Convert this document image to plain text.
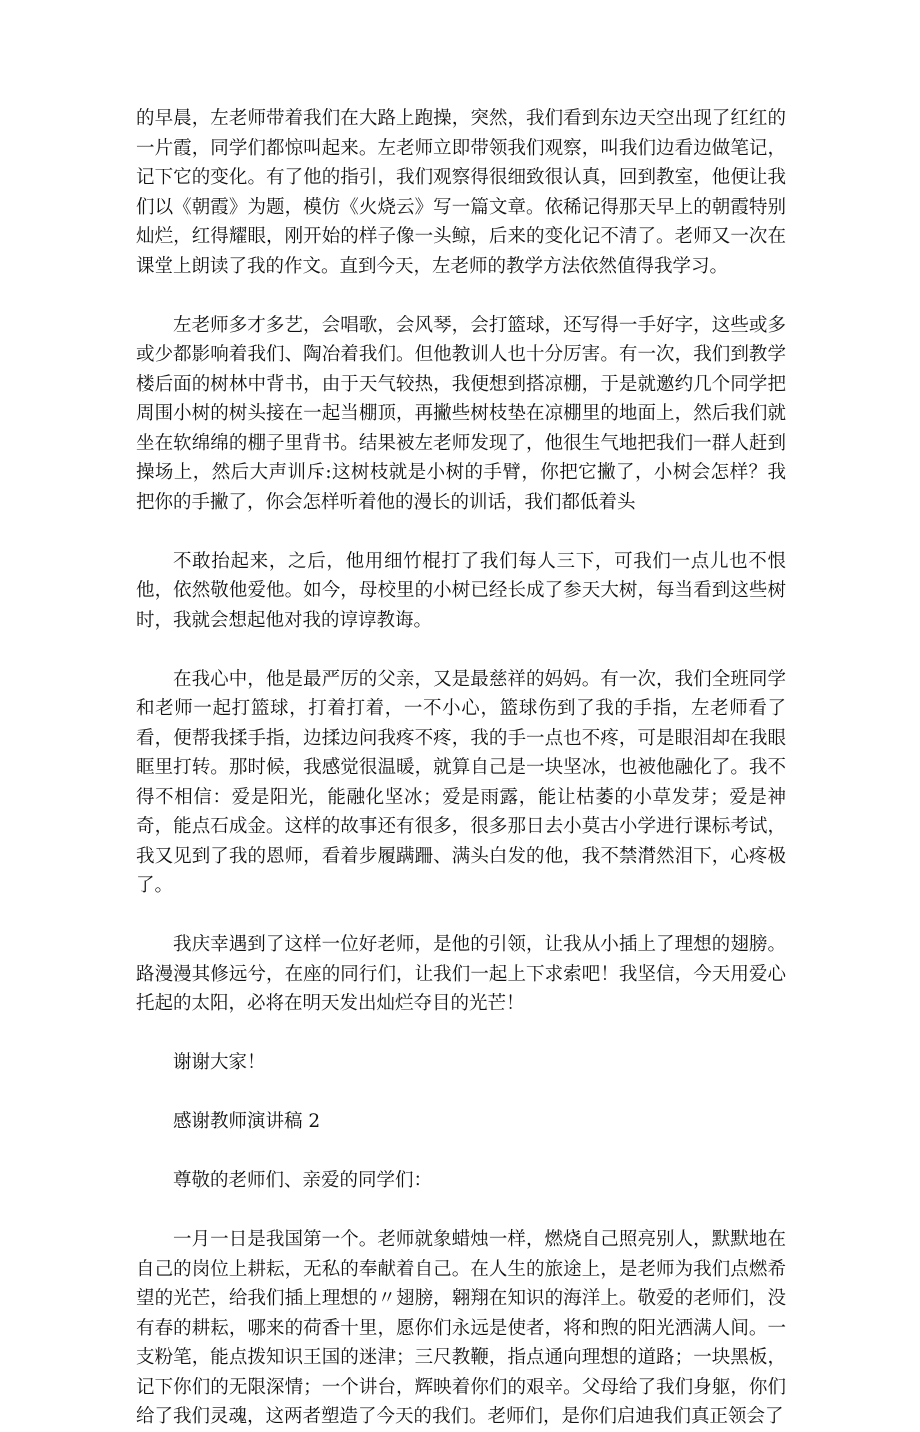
的早晨，左老师带着我们在大路上跑操，突然，我们看到东边天空出现了红红的一片霞，同学们都惊叫起来。左老师立即带领我们观察，叫我们边看边做笔记，记下它的变化。有了他的指引，我们观察得很细致很认真，回到教室，他便让我们以《朝霞》为题，模仿《火烧云》写一篇文章。依稀记得那天早上的朝霞特别灿烂，红得耀眼，刚开始的样子像一头鲸，后来的变化记不清了。老师又一次在课堂上朗读了我的作文。直到今天，左老师的教学方法依然值得我学习。

左老师多才多艺，会唱歌，会风琴，会打篮球，还写得一手好字，这些或多或少都影响着我们、陶冶着我们。但他教训人也十分厉害。有一次，我们到教学楼后面的树林中背书，由于天气较热，我便想到搭凉棚，于是就邀约几个同学把周围小树的树头接在一起当棚顶，再撇些树枝垫在凉棚里的地面上，然后我们就坐在软绵绵的棚子里背书。结果被左老师发现了，他很生气地把我们一群人赶到操场上，然后大声训斥:这树枝就是小树的手臂，你把它撇了，小树会怎样？我把你的手撇了，你会怎样听着他的漫长的训话，我们都低着头

不敢抬起来，之后，他用细竹棍打了我们每人三下，可我们一点儿也不恨他，依然敬他爱他。如今，母校里的小树已经长成了参天大树，每当看到这些树时，我就会想起他对我的谆谆教诲。

在我心中，他是最严厉的父亲，又是最慈祥的妈妈。有一次，我们全班同学和老师一起打篮球，打着打着，一不小心，篮球伤到了我的手指，左老师看了看，便帮我揉手指，边揉边问我疼不疼，我的手一点也不疼，可是眼泪却在我眼眶里打转。那时候，我感觉很温暖，就算自己是一块坚冰，也被他融化了。我不得不相信：爱是阳光，能融化坚冰；爱是雨露，能让枯萎的小草发芽；爱是神奇，能点石成金。这样的故事还有很多，很多那日去小莫古小学进行课标考试，我又见到了我的恩师，看着步履蹒跚、满头白发的他，我不禁潸然泪下，心疼极了。

我庆幸遇到了这样一位好老师，是他的引领，让我从小插上了理想的翅膀。路漫漫其修远兮，在座的同行们，让我们一起上下求索吧！我坚信，今天用爱心托起的太阳，必将在明天发出灿烂夺目的光芒！

谢谢大家！

感谢教师演讲稿 2

尊敬的老师们、亲爱的同学们：

一月一日是我国第一个。老师就象蜡烛一样，燃烧自己照亮别人，默默地在自己的岗位上耕耘，无私的奉献着自己。在人生的旅途上，是老师为我们点燃希望的光芒，给我们插上理想的〃翅膀，翱翔在知识的海洋上。敬爱的老师们，没有春的耕耘，哪来的荷香十里，愿你们永远是使者，将和煦的阳光洒满人间。一支粉笔，能点拨知识王国的迷津；三尺教鞭，指点通向理想的道路；一块黑板，记下你们的无限深情；一个讲台，辉映着你们的艰辛。父母给了我们身躯，你们给了我们灵魂，这两者塑造了今天的我们。老师们，是你们启迪我们真正领会了
